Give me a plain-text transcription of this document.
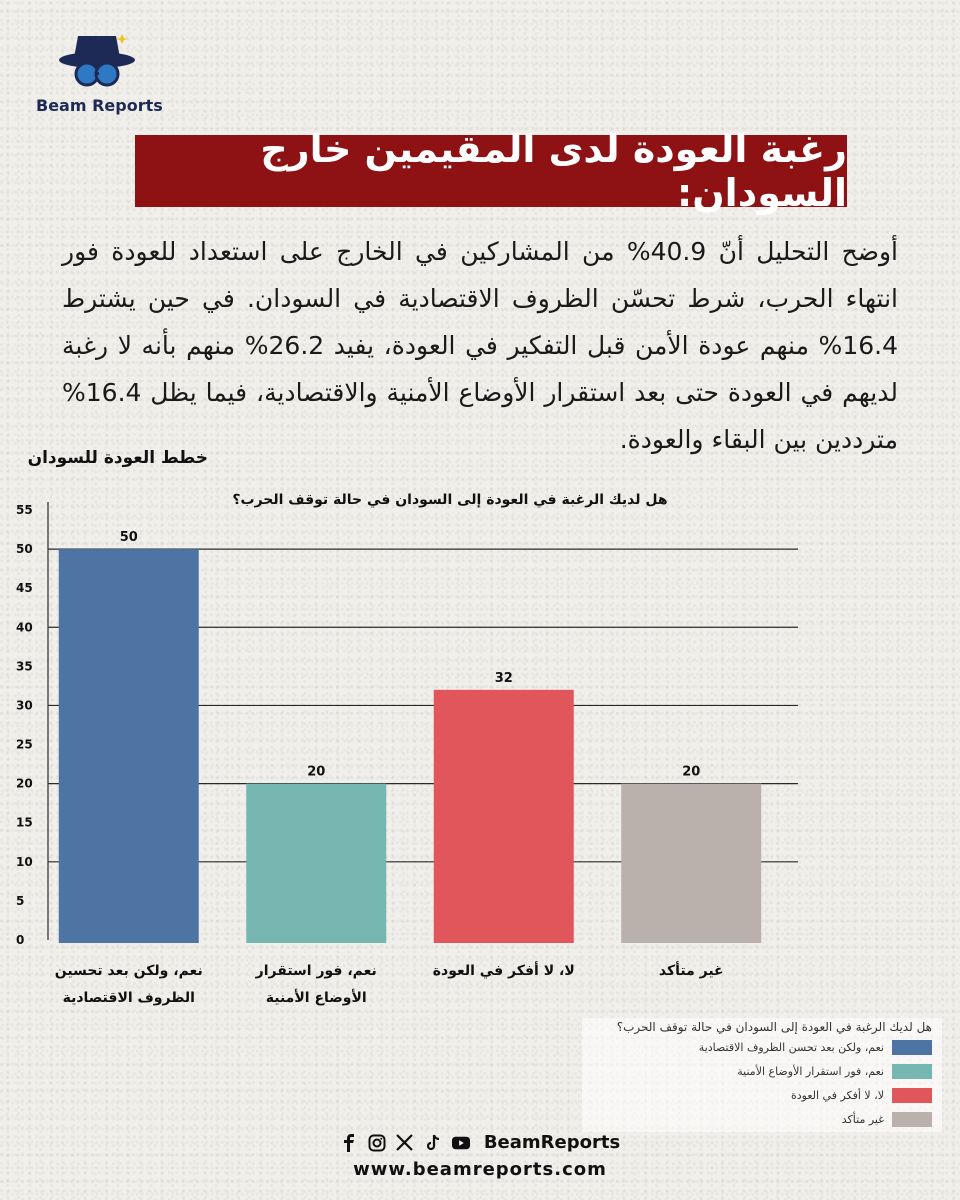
Beam Reports
رغبة العودة لدى المقيمين خارج السودان:
أوضح التحليل أنّ 40.9% من المشاركين في الخارج على استعداد للعودة فور انتهاء الحرب، شرط تحسّن الظروف الاقتصادية في السودان. في حين يشترط 16.4% منهم عودة الأمن قبل التفكير في العودة، يفيد 26.2% منهم بأنه لا رغبة لديهم في العودة حتى بعد استقرار الأوضاع الأمنية والاقتصادية، فيما يظل 16.4% مترددين بين البقاء والعودة.
خطط العودة للسودان
هل لديك الرغبة في العودة إلى السودان في حالة توقف الحرب؟
0
5
10
15
20
25
30
35
40
45
50
55
50
20
32
20
نعم، ولكن بعد تحسين
الظروف الاقتصادية
نعم، فور استقرار
الأوضاع الأمنية
لا، لا أفكر في العودة	غير متأكد
هل لديك الرغبة في العودة إلى السودان في حالة توقف الحرب؟
نعم، ولكن بعد تحسن الظروف الاقتصادية
نعم، فور استقرار الأوضاع الأمنية
لا، لا أفكر في العودة
غير متأكد
BeamReports
www.beamreports.com
